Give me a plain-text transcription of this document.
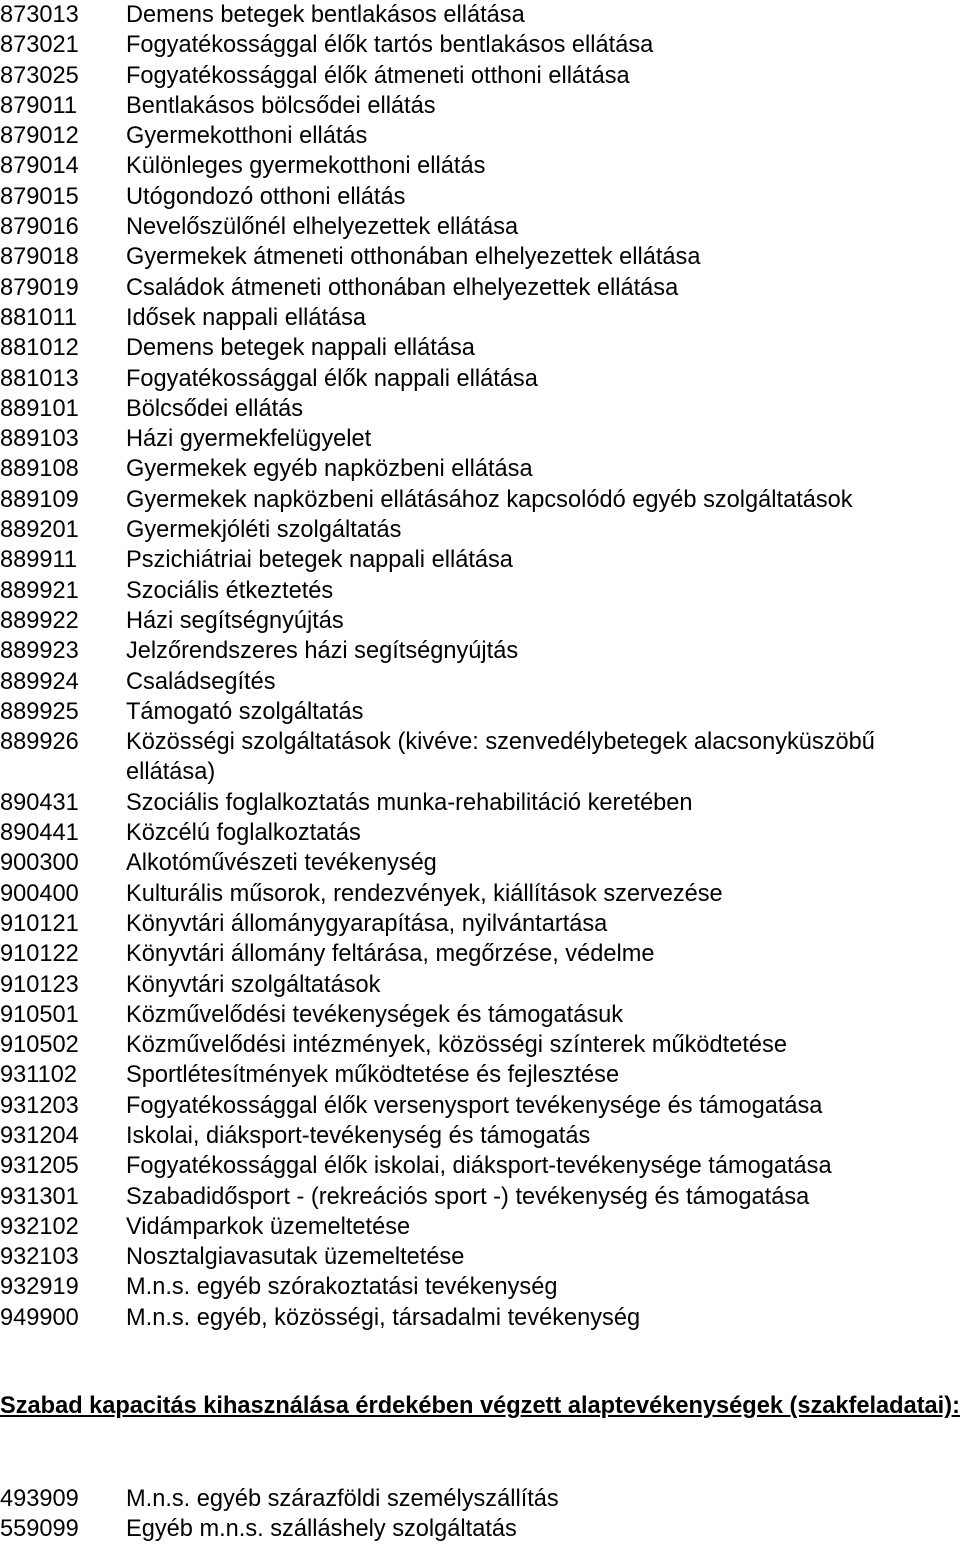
873013	Demens betegek bentlakásos ellátása
873021	Fogyatékossággal élők tartós bentlakásos ellátása
873025	Fogyatékossággal élők átmeneti otthoni ellátása
879011	Bentlakásos bölcsődei ellátás
879012	Gyermekotthoni ellátás
879014	Különleges gyermekotthoni ellátás
879015	Utógondozó otthoni ellátás
879016	Nevelőszülőnél elhelyezettek ellátása
879018	Gyermekek átmeneti otthonában elhelyezettek ellátása
879019	Családok átmeneti otthonában elhelyezettek ellátása
881011	Idősek nappali ellátása
881012	Demens betegek nappali ellátása
881013	Fogyatékossággal élők nappali ellátása
889101	Bölcsődei ellátás
889103	Házi gyermekfelügyelet
889108	Gyermekek egyéb napközbeni ellátása
889109	Gyermekek napközbeni ellátásához kapcsolódó egyéb szolgáltatások
889201	Gyermekjóléti szolgáltatás
889911	Pszichiátriai betegek nappali ellátása
889921	Szociális étkeztetés
889922	Házi segítségnyújtás
889923	Jelzőrendszeres házi segítségnyújtás
889924	Családsegítés
889925	Támogató szolgáltatás
889926	Közösségi szolgáltatások (kivéve: szenvedélybetegek alacsonyküszöbű ellátása)
890431	Szociális foglalkoztatás munka-rehabilitáció keretében
890441	Közcélú foglalkoztatás
900300	Alkotóművészeti tevékenység
900400	Kulturális műsorok, rendezvények, kiállítások szervezése
910121	Könyvtári állománygyarapítása, nyilvántartása
910122	Könyvtári állomány feltárása, megőrzése, védelme
910123	Könyvtári szolgáltatások
910501	Közművelődési tevékenységek és támogatásuk
910502	Közművelődési intézmények, közösségi színterek működtetése
931102	Sportlétesítmények működtetése és fejlesztése
931203	Fogyatékossággal élők versenysport tevékenysége és támogatása
931204	Iskolai, diáksport-tevékenység és támogatás
931205	Fogyatékossággal élők iskolai, diáksport-tevékenysége támogatása
931301	Szabadidősport - (rekreációs sport -) tevékenység és támogatása
932102	Vidámparkok üzemeltetése
932103	Nosztalgiavasutak üzemeltetése
932919	M.n.s. egyéb szórakoztatási tevékenység
949900	M.n.s. egyéb, közösségi, társadalmi tevékenység
Szabad kapacitás kihasználása érdekében végzett alaptevékenységek (szakfeladatai):
493909	M.n.s. egyéb szárazföldi személyszállítás
559099	Egyéb m.n.s. szálláshely szolgáltatás
